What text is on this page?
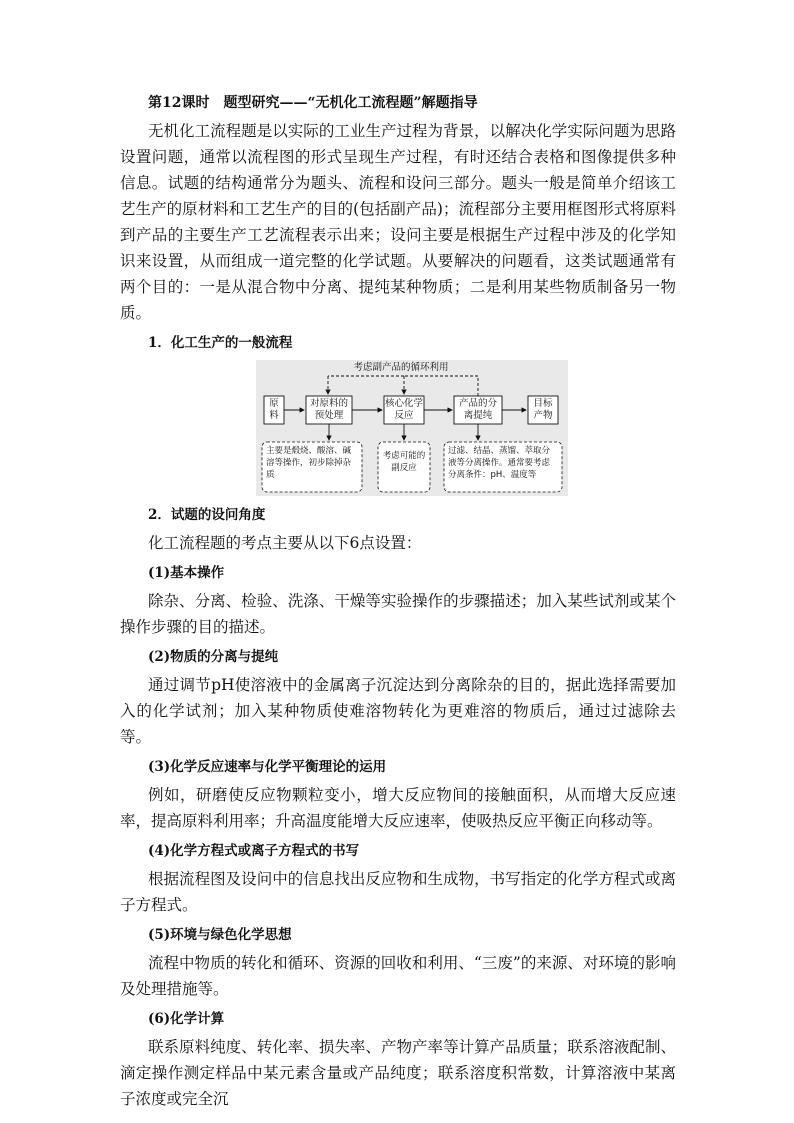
第12课时　题型研究——“无机化工流程题”解题指导

无机化工流程题是以实际的工业生产过程为背景，以解决化学实际问题为思路设置问题，通常以流程图的形式呈现生产过程，有时还结合表格和图像提供多种信息。试题的结构通常分为题头、流程和设问三部分。题头一般是简单介绍该工艺生产的原材料和工艺生产的目的(包括副产品)；流程部分主要用框图形式将原料到产品的主要生产工艺流程表示出来；设问主要是根据生产过程中涉及的化学知识来设置，从而组成一道完整的化学试题。从要解决的问题看，这类试题通常有两个目的：一是从混合物中分离、提纯某种物质；二是利用某些物质制备另一物质。

1．化工生产的一般流程
考虑副产品的循环利用
原料
对原料的预处理
核心化学反应
产品的分离提纯
目标产物
主要是煅烧、酸溶、碱溶等操作，初步除掉杂质
考虑可能的副反应
过滤、结晶、蒸馏、萃取分液等分离操作。通常要考虑分离条件：pH、温度等
2．试题的设问角度

化工流程题的考点主要从以下6点设置：

(1)基本操作

除杂、分离、检验、洗涤、干燥等实验操作的步骤描述；加入某些试剂或某个操作步骤的目的描述。

(2)物质的分离与提纯

通过调节pH使溶液中的金属离子沉淀达到分离除杂的目的，据此选择需要加入的化学试剂；加入某种物质使难溶物转化为更难溶的物质后，通过过滤除去等。

(3)化学反应速率与化学平衡理论的运用

例如，研磨使反应物颗粒变小，增大反应物间的接触面积，从而增大反应速率，提高原料利用率；升高温度能增大反应速率，使吸热反应平衡正向移动等。

(4)化学方程式或离子方程式的书写

根据流程图及设问中的信息找出反应物和生成物，书写指定的化学方程式或离子方程式。

(5)环境与绿色化学思想

流程中物质的转化和循环、资源的回收和利用、“三废”的来源、对环境的影响及处理措施等。

(6)化学计算

联系原料纯度、转化率、损失率、产物产率等计算产品质量；联系溶液配制、滴定操作测定样品中某元素含量或产品纯度；联系溶度积常数，计算溶液中某离子浓度或完全沉
